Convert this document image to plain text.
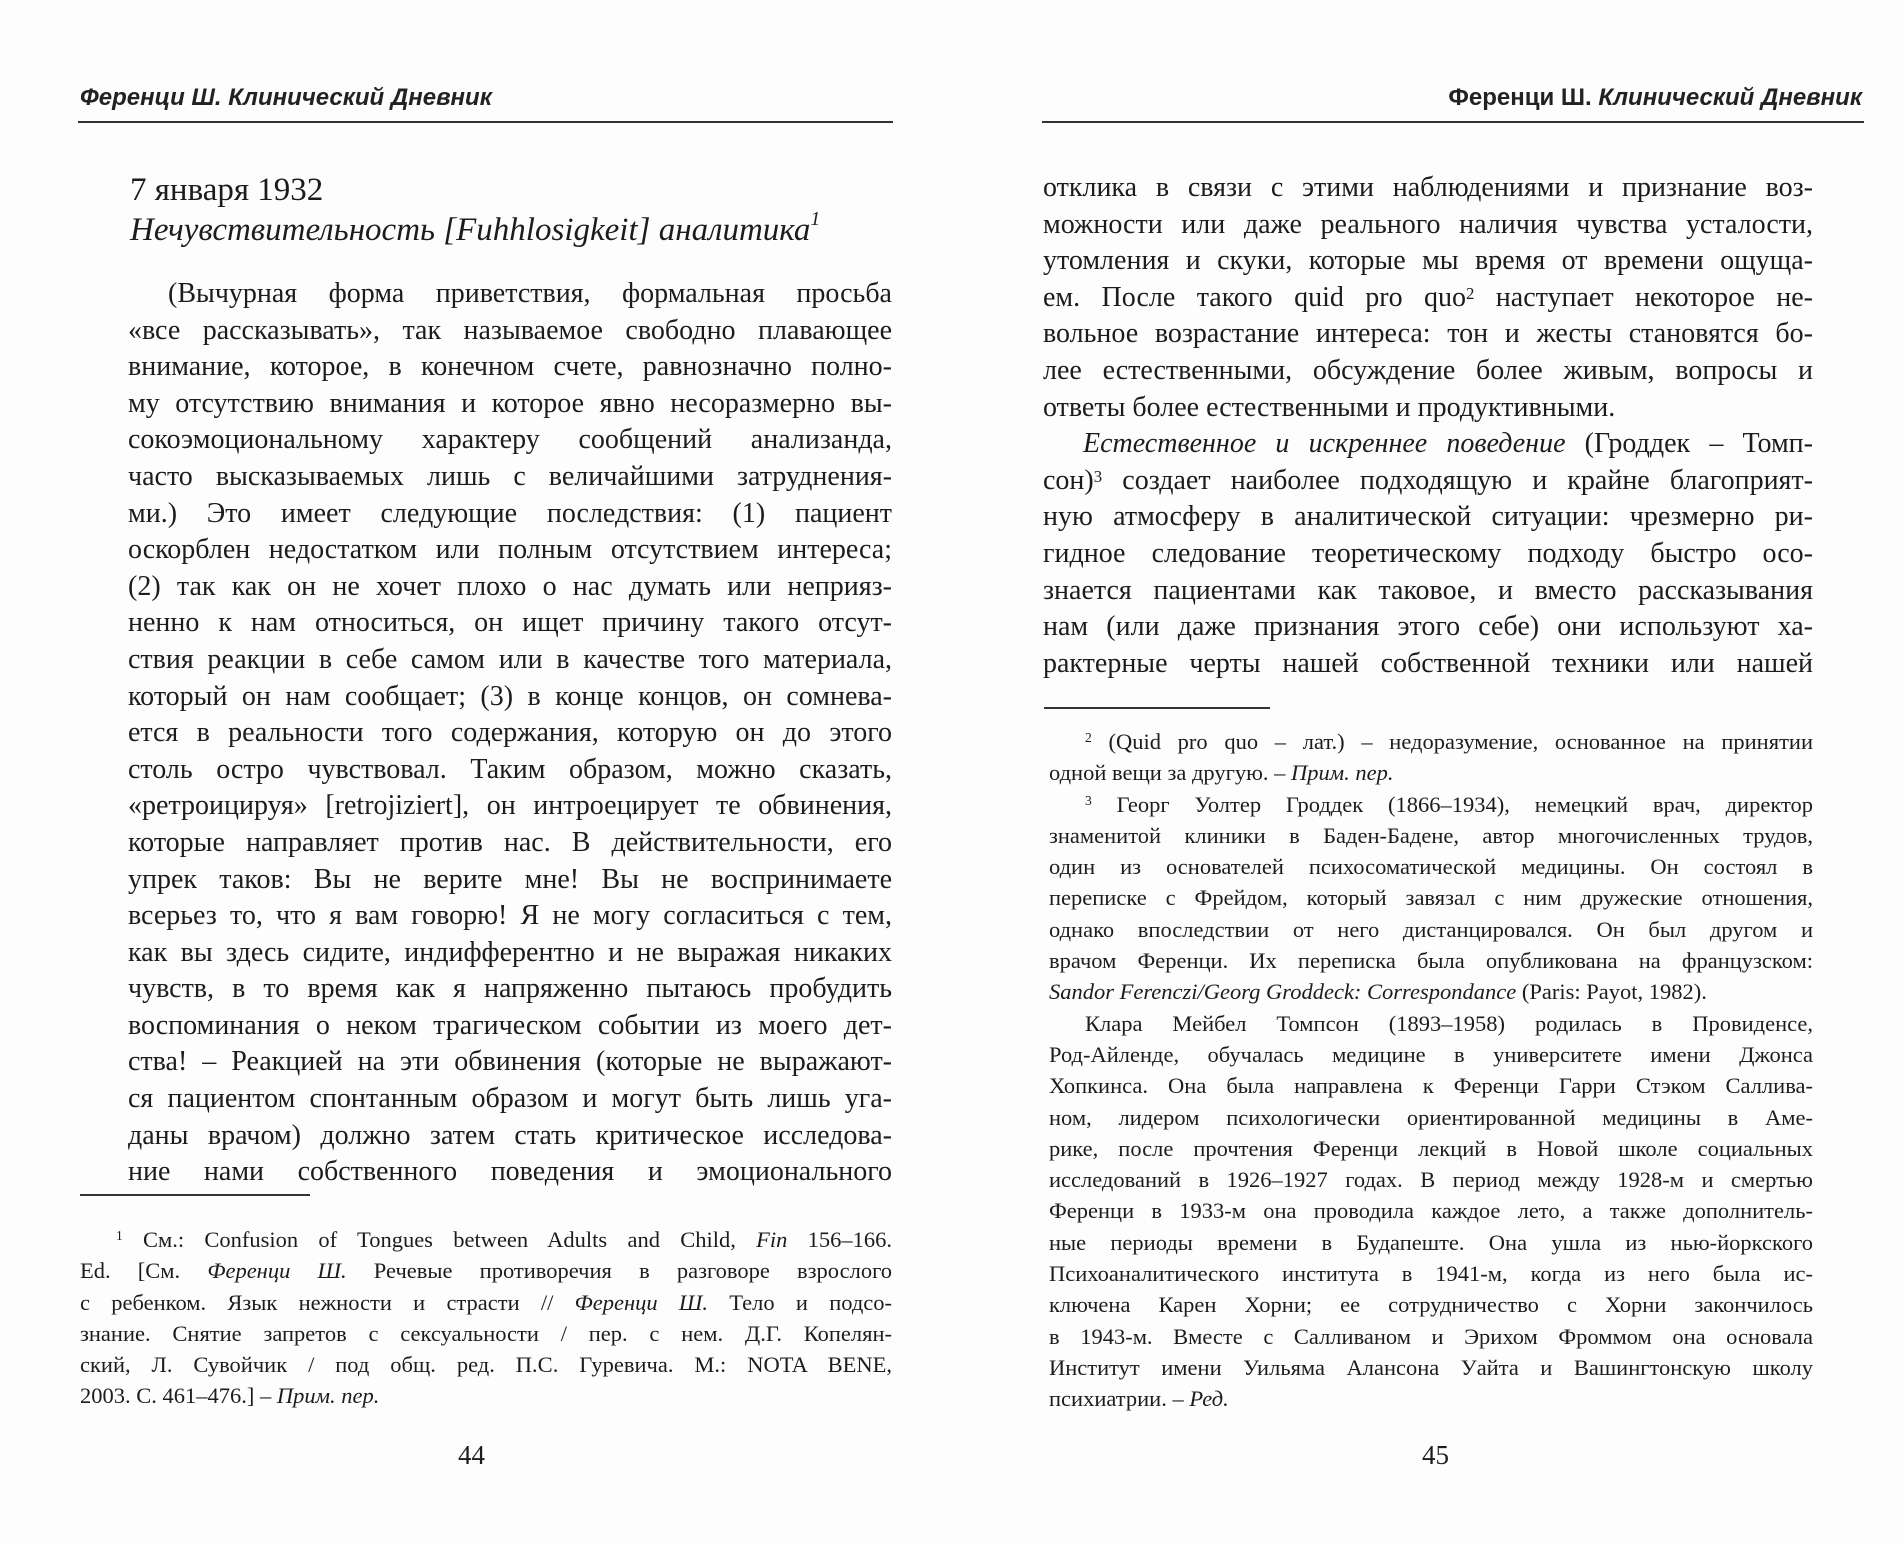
Ференци Ш. Клинический Дневник
7 января 1932
Нечувствительность [Fuhhlosigkeit] аналитика$^1$
(Вычурная форма приветствия, формальная просьба
«все рассказывать», так называемое свободно плавающее
внимание, которое, в конечном счете, равнозначно полно-
му отсутствию внимания и которое явно несоразмерно вы-
сокоэмоциональному характеру сообщений анализанда,
часто высказываемых лишь с величайшими затруднения-
ми.) Это имеет следующие последствия: (1) пациент
оскорблен недостатком или полным отсутствием интереса;
(2) так как он не хочет плохо о нас думать или неприяз-
ненно к нам относиться, он ищет причину такого отсут-
ствия реакции в себе самом или в качестве того материала,
который он нам сообщает; (3) в конце концов, он сомнева-
ется в реальности того содержания, которую он до этого
столь остро чувствовал. Таким образом, можно сказать,
«ретроицируя» [retrojiziert], он интроецирует те обвинения,
которые направляет против нас. В действительности, его
упрек таков: Вы не верите мне! Вы не воспринимаете
всерьез то, что я вам говорю! Я не могу согласиться с тем,
как вы здесь сидите, индифферентно и не выражая никаких
чувств, в то время как я напряженно пытаюсь пробудить
воспоминания о неком трагическом событии из моего дет-
ства! – Реакцией на эти обвинения (которые не выражают-
ся пациентом спонтанным образом и могут быть лишь уга-
даны врачом) должно затем стать критическое исследова-
ние нами собственного поведения и эмоционального
$^1$ См.: Confusion of Tongues between Adults and Child, Fin 156–166.
Ed. [См. Ференци Ш. Речевые противоречия в разговоре взрослого
с ребенком. Язык нежности и страсти // Ференци Ш. Тело и подсо-
знание. Снятие запретов с сексуальности / пер. с нем. Д.Г. Копелян-
ский, Л. Сувойчик / под общ. ред. П.С. Гуревича. М.: NOTA BENE,
2003. С. 461–476.] – Прим. пер.
44
Ференци Ш. Клинический Дневник
отклика в связи с этими наблюдениями и признание воз-
можности или даже реального наличия чувства усталости,
утомления и скуки, которые мы время от времени ощуща-
ем. После такого quid pro quo$^2$ наступает некоторое не-
вольное возрастание интереса: тон и жесты становятся бо-
лее естественными, обсуждение более живым, вопросы и
ответы более естественными и продуктивными.
Естественное и искреннее поведение (Гроддек – Томп-
сон)$^3$ создает наиболее подходящую и крайне благоприят-
ную атмосферу в аналитической ситуации: чрезмерно ри-
гидное следование теоретическому подходу быстро осо-
знается пациентами как таковое, и вместо рассказывания
нам (или даже признания этого себе) они используют ха-
рактерные черты нашей собственной техники или нашей
$^2$ (Quid pro quo – лат.) – недоразумение, основанное на принятии
одной вещи за другую. – Прим. пер.
$^3$ Георг Уолтер Гроддек (1866–1934), немецкий врач, директор
знаменитой клиники в Баден-Бадене, автор многочисленных трудов,
один из основателей психосоматической медицины. Он состоял в
переписке с Фрейдом, который завязал с ним дружеские отношения,
однако впоследствии от него дистанцировался. Он был другом и
врачом Ференци. Их переписка была опубликована на французском:
Sandor Ferenczi/Georg Groddeck: Correspondance (Paris: Payot, 1982).
Клара Мейбел Томпсон (1893–1958) родилась в Провиденсе,
Род-Айленде, обучалась медицине в университете имени Джонса
Хопкинса. Она была направлена к Ференци Гарри Стэком Саллива-
ном, лидером психологически ориентированной медицины в Аме-
рике, после прочтения Ференци лекций в Новой школе социальных
исследований в 1926–1927 годах. В период между 1928-м и смертью
Ференци в 1933-м она проводила каждое лето, а также дополнитель-
ные периоды времени в Будапеште. Она ушла из нью-йоркского
Психоаналитического института в 1941-м, когда из него была ис-
ключена Карен Хорни; ее сотрудничество с Хорни закончилось
в 1943-м. Вместе с Салливаном и Эрихом Фроммом она основала
Институт имени Уильяма Алансона Уайта и Вашингтонскую школу
психиатрии. – Ред.
45
